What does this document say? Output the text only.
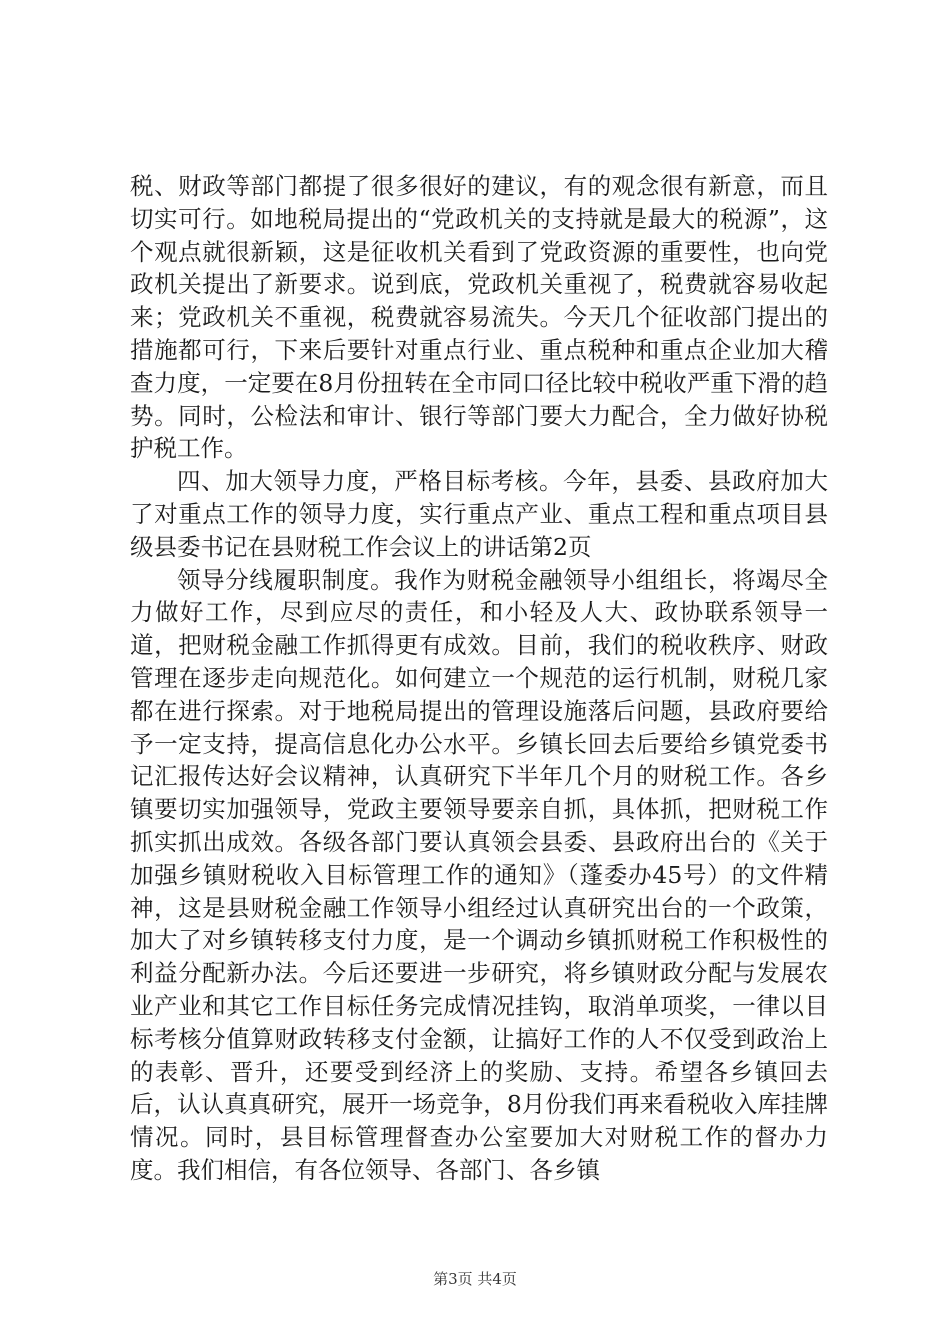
税、财政等部门都提了很多很好的建议，有的观念很有新意，而且切实可行。如地税局提出的“党政机关的支持就是最大的税源”，这个观点就很新颖，这是征收机关看到了党政资源的重要性，也向党政机关提出了新要求。说到底，党政机关重视了，税费就容易收起来；党政机关不重视，税费就容易流失。今天几个征收部门提出的措施都可行，下来后要针对重点行业、重点税种和重点企业加大稽查力度，一定要在8月份扭转在全市同口径比较中税收严重下滑的趋势。同时，公检法和审计、银行等部门要大力配合，全力做好协税护税工作。

四、加大领导力度，严格目标考核。今年，县委、县政府加大了对重点工作的领导力度，实行重点产业、重点工程和重点项目县级县委书记在县财税工作会议上的讲话第2页

领导分线履职制度。我作为财税金融领导小组组长，将竭尽全力做好工作，尽到应尽的责任，和小轻及人大、政协联系领导一道，把财税金融工作抓得更有成效。目前，我们的税收秩序、财政管理在逐步走向规范化。如何建立一个规范的运行机制，财税几家都在进行探索。对于地税局提出的管理设施落后问题，县政府要给予一定支持，提高信息化办公水平。乡镇长回去后要给乡镇党委书记汇报传达好会议精神，认真研究下半年几个月的财税工作。各乡镇要切实加强领导，党政主要领导要亲自抓，具体抓，把财税工作抓实抓出成效。各级各部门要认真领会县委、县政府出台的《关于加强乡镇财税收入目标管理工作的通知》（蓬委办45号）的文件精神，这是县财税金融工作领导小组经过认真研究出台的一个政策，加大了对乡镇转移支付力度，是一个调动乡镇抓财税工作积极性的利益分配新办法。今后还要进一步研究，将乡镇财政分配与发展农业产业和其它工作目标任务完成情况挂钩，取消单项奖，一律以目标考核分值算财政转移支付金额，让搞好工作的人不仅受到政治上的表彰、晋升，还要受到经济上的奖励、支持。希望各乡镇回去后，认认真真研究，展开一场竞争，8月份我们再来看税收入库挂牌情况。同时，县目标管理督查办公室要加大对财税工作的督办力度。我们相信，有各位领导、各部门、各乡镇

第3页 共4页
